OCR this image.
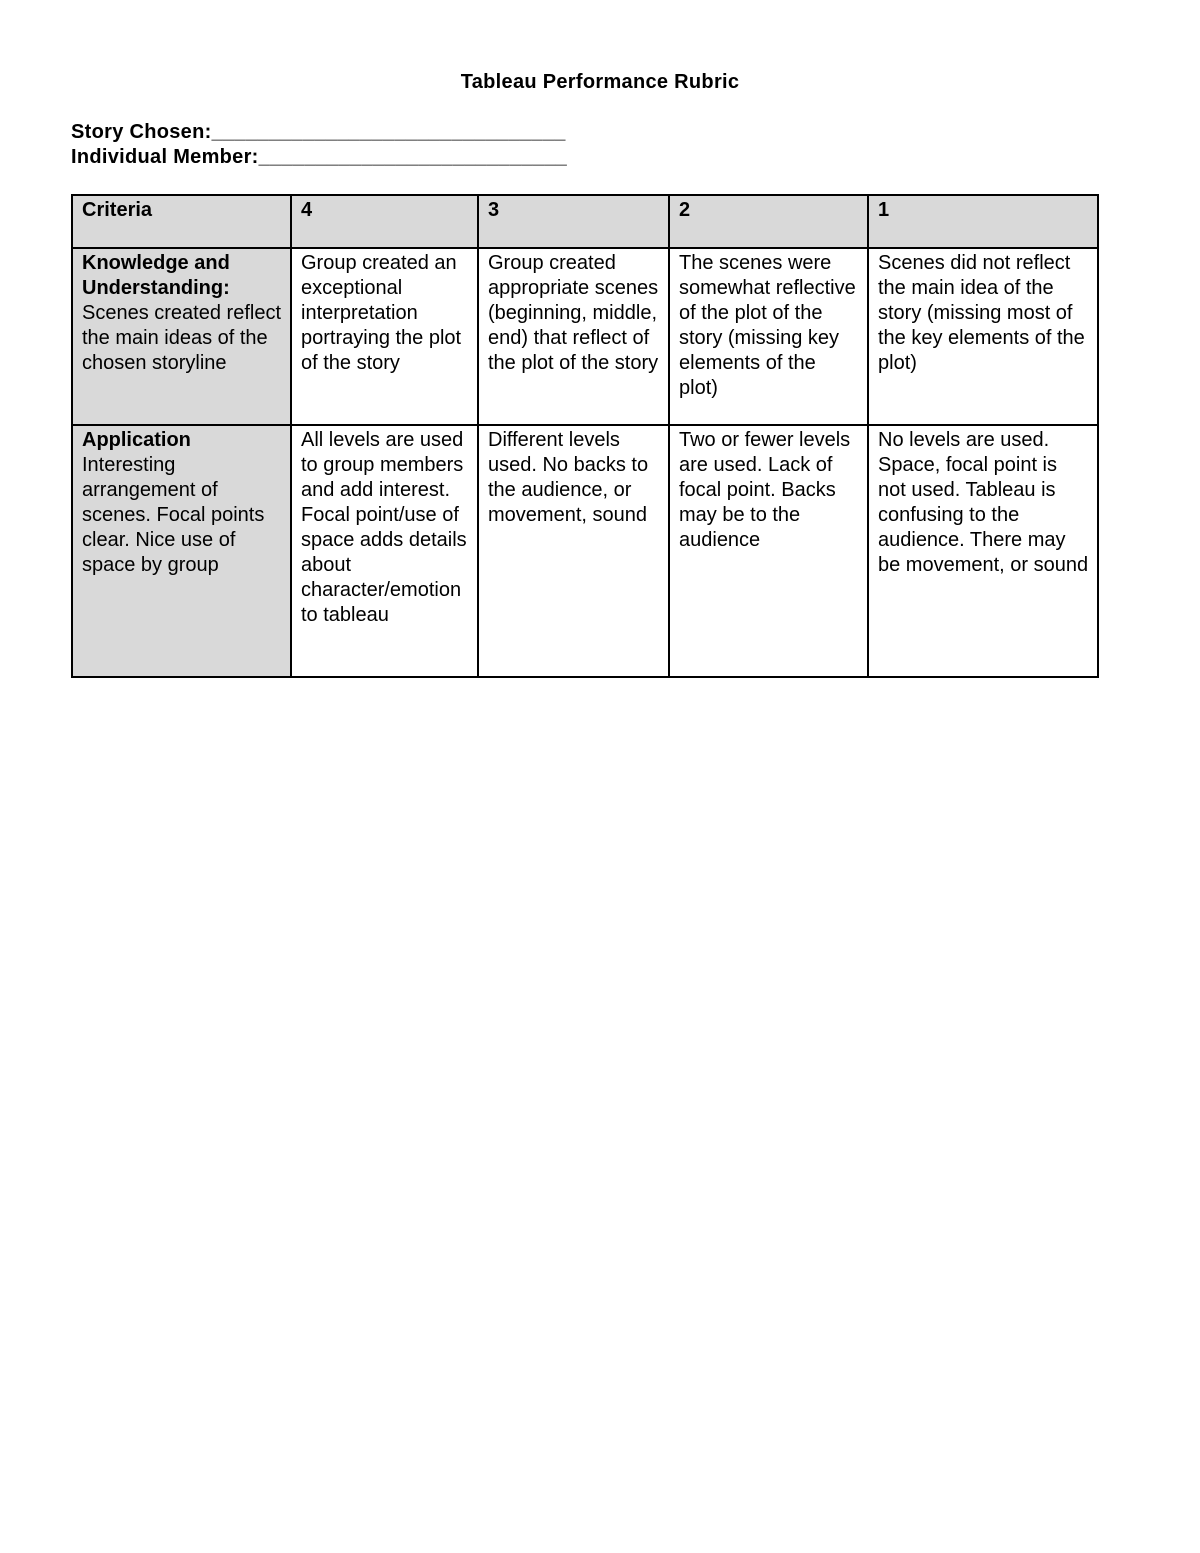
Tableau Performance Rubric
Story Chosen:_______________________________
Individual Member:___________________________
Criteria	4	3	2	1

Knowledge and Understanding:
Scenes created reflect the main ideas of the chosen storyline	Group created an exceptional interpretation portraying the plot of the story	Group created appropriate scenes (beginning, middle, end) that reflect of the plot of the story	The scenes were somewhat reflective of the plot of the story (missing key elements of the plot)	Scenes did not reflect the main idea of the story (missing most of the key elements of the plot)

Application
Interesting arrangement of scenes. Focal points clear. Nice use of space by group	All levels are used to group members and add interest. Focal point/use of space adds details about character/emotion to tableau	Different levels used. No backs to the audience, or movement, sound	Two or fewer levels are used. Lack of focal point. Backs may be to the audience	No levels are used. Space, focal point is not used. Tableau is confusing to the audience. There may be movement, or sound
